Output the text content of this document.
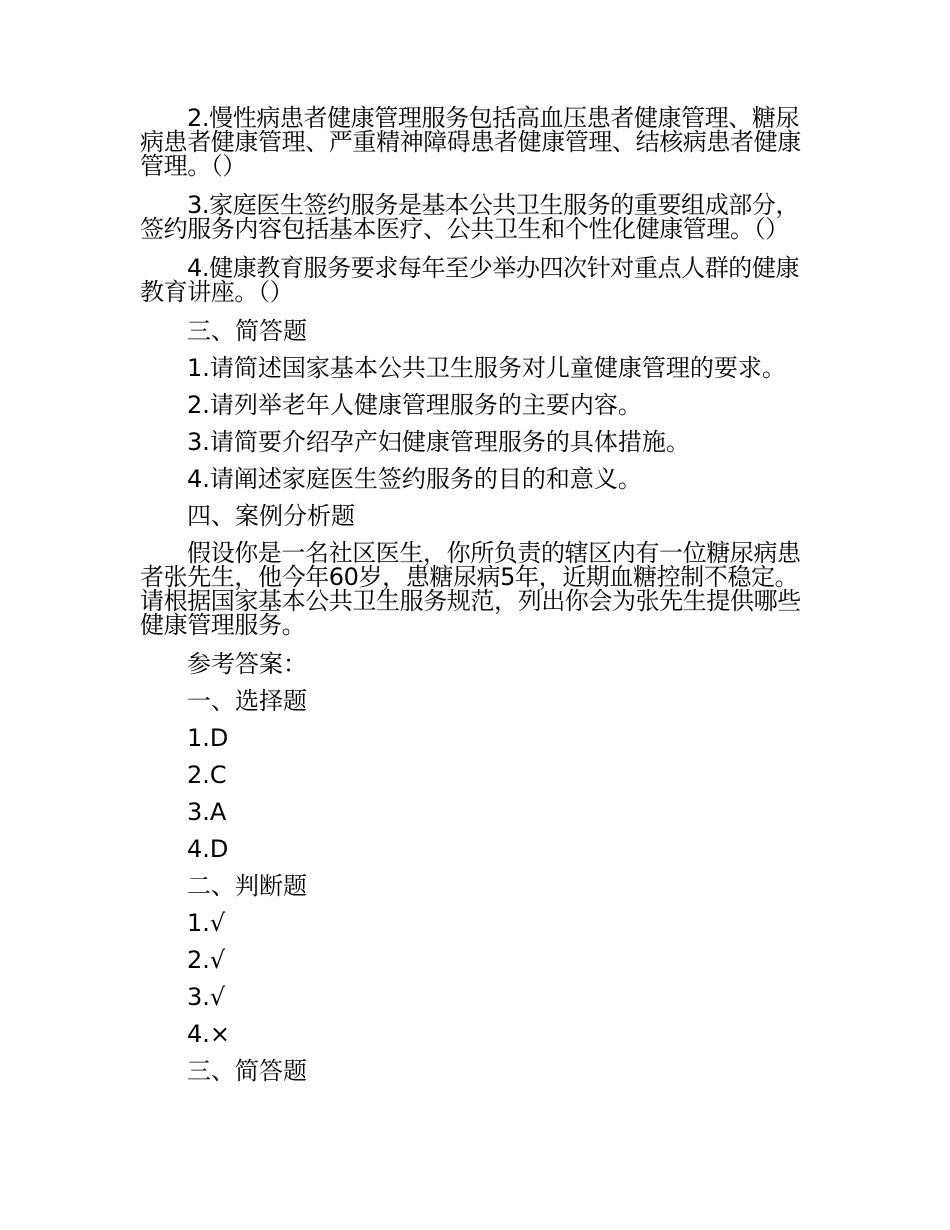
2.慢性病患者健康管理服务包括高血压患者健康管理、糖尿病患者健康管理、严重精神障碍患者健康管理、结核病患者健康管理。（）

3.家庭医生签约服务是基本公共卫生服务的重要组成部分，签约服务内容包括基本医疗、公共卫生和个性化健康管理。（）

4.健康教育服务要求每年至少举办四次针对重点人群的健康教育讲座。（）

三、简答题
1.请简述国家基本公共卫生服务对儿童健康管理的要求。
2.请列举老年人健康管理服务的主要内容。
3.请简要介绍孕产妇健康管理服务的具体措施。
4.请阐述家庭医生签约服务的目的和意义。
四、案例分析题

假设你是一名社区医生，你所负责的辖区内有一位糖尿病患者张先生，他今年60岁，患糖尿病5年，近期血糖控制不稳定。请根据国家基本公共卫生服务规范，列出你会为张先生提供哪些健康管理服务。

参考答案：
一、选择题
1.D
2.C
3.A
4.D
二、判断题
1.√
2.√
3.√
4.×
三、简答题
